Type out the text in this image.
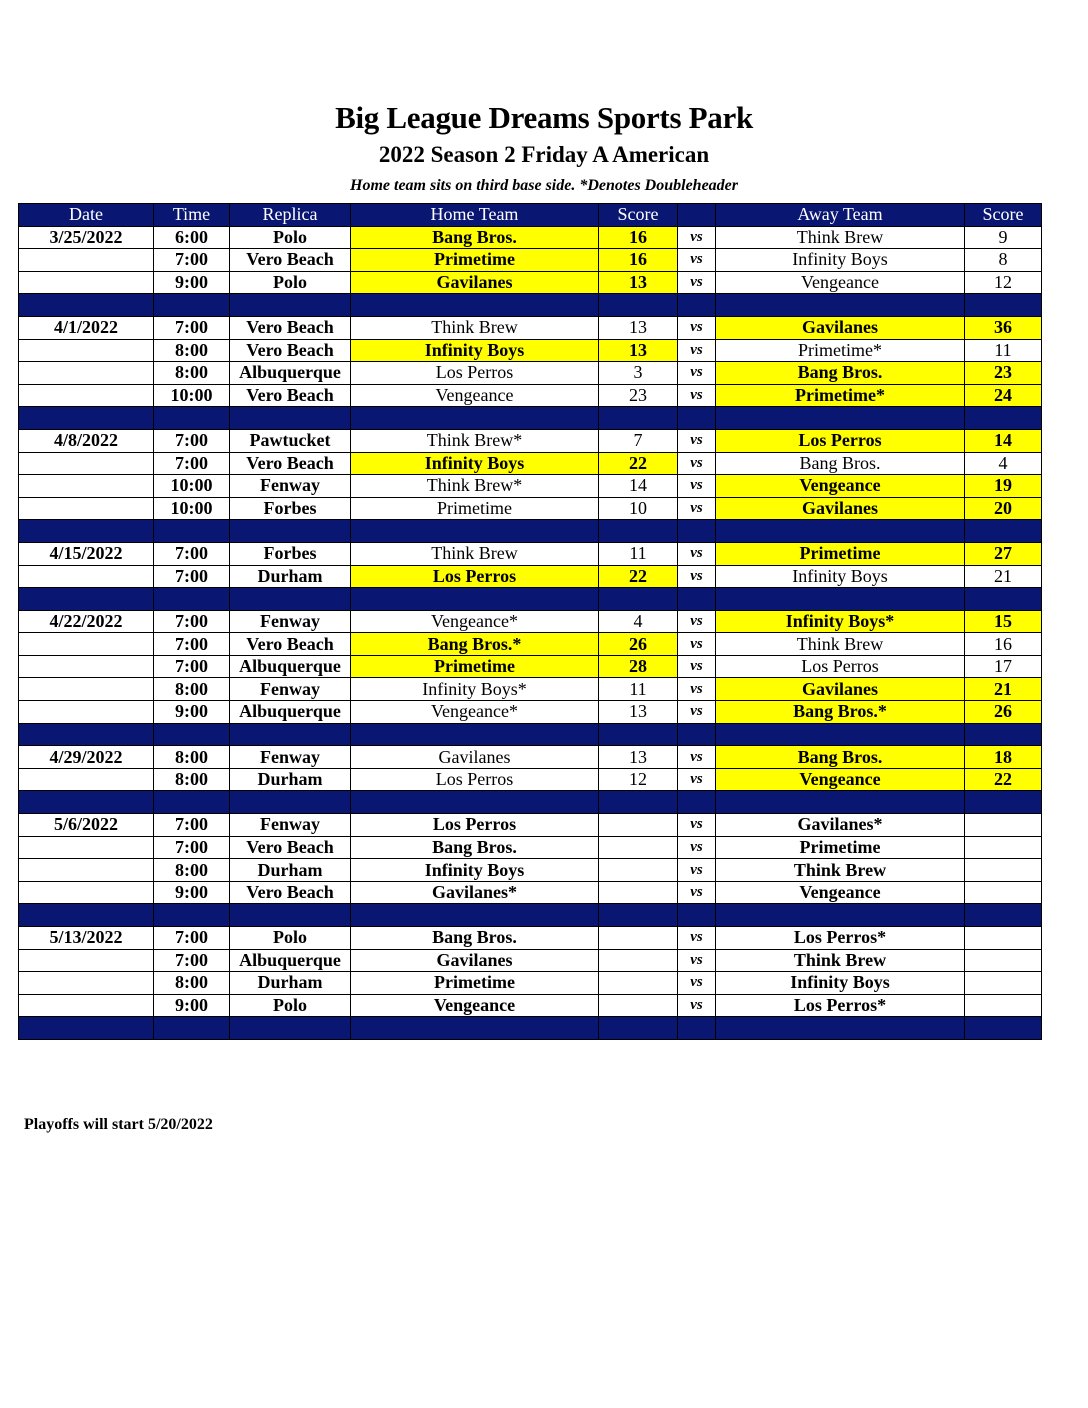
Big League Dreams Sports Park
2022 Season 2 Friday A American
Home team sits on third base side. *Denotes Doubleheader
Date	Time	Replica	Home Team	Score		Away Team	Score
3/25/2022	6:00	Polo	Bang Bros.	16	vs	Think Brew	9
	7:00	Vero Beach	Primetime	16	vs	Infinity Boys	8
	9:00	Polo	Gavilanes	13	vs	Vengeance	12

4/1/2022	7:00	Vero Beach	Think Brew	13	vs	Gavilanes	36
	8:00	Vero Beach	Infinity Boys	13	vs	Primetime*	11
	8:00	Albuquerque	Los Perros	3	vs	Bang Bros.	23
	10:00	Vero Beach	Vengeance	23	vs	Primetime*	24

4/8/2022	7:00	Pawtucket	Think Brew*	7	vs	Los Perros	14
	7:00	Vero Beach	Infinity Boys	22	vs	Bang Bros.	4
	10:00	Fenway	Think Brew*	14	vs	Vengeance	19
	10:00	Forbes	Primetime	10	vs	Gavilanes	20

4/15/2022	7:00	Forbes	Think Brew	11	vs	Primetime	27
	7:00	Durham	Los Perros	22	vs	Infinity Boys	21

4/22/2022	7:00	Fenway	Vengeance*	4	vs	Infinity Boys*	15
	7:00	Vero Beach	Bang Bros.*	26	vs	Think Brew	16
	7:00	Albuquerque	Primetime	28	vs	Los Perros	17
	8:00	Fenway	Infinity Boys*	11	vs	Gavilanes	21
	9:00	Albuquerque	Vengeance*	13	vs	Bang Bros.*	26

4/29/2022	8:00	Fenway	Gavilanes	13	vs	Bang Bros.	18
	8:00	Durham	Los Perros	12	vs	Vengeance	22

5/6/2022	7:00	Fenway	Los Perros		vs	Gavilanes*	
	7:00	Vero Beach	Bang Bros.		vs	Primetime	
	8:00	Durham	Infinity Boys		vs	Think Brew	
	9:00	Vero Beach	Gavilanes*		vs	Vengeance	

5/13/2022	7:00	Polo	Bang Bros.		vs	Los Perros*	
	7:00	Albuquerque	Gavilanes		vs	Think Brew	
	8:00	Durham	Primetime		vs	Infinity Boys	
	9:00	Polo	Vengeance		vs	Los Perros*	

Playoffs will start 5/20/2022
